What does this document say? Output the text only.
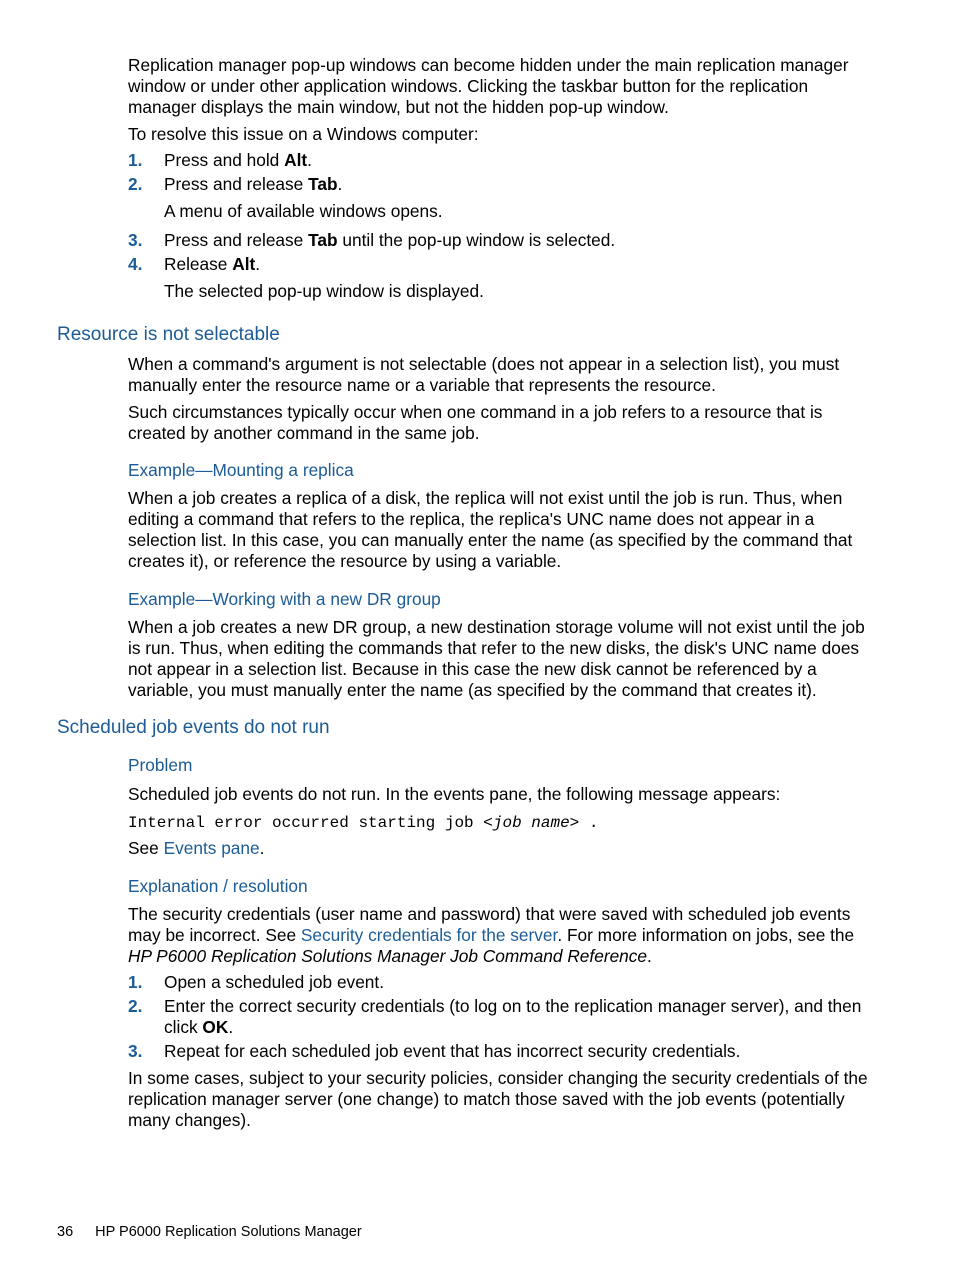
Replication manager pop-up windows can become hidden under the main replication manager window or under other application windows. Clicking the taskbar button for the replication manager displays the main window, but not the hidden pop-up window.

To resolve this issue on a Windows computer:

1. Press and hold Alt.
2. Press and release Tab.
A menu of available windows opens.
3. Press and release Tab until the pop-up window is selected.
4. Release Alt.
The selected pop-up window is displayed.
Resource is not selectable

When a command's argument is not selectable (does not appear in a selection list), you must manually enter the resource name or a variable that represents the resource.

Such circumstances typically occur when one command in a job refers to a resource that is created by another command in the same job.

Example—Mounting a replica

When a job creates a replica of a disk, the replica will not exist until the job is run. Thus, when editing a command that refers to the replica, the replica's UNC name does not appear in a selection list. In this case, you can manually enter the name (as specified by the command that creates it), or reference the resource by using a variable.

Example—Working with a new DR group

When a job creates a new DR group, a new destination storage volume will not exist until the job is run. Thus, when editing the commands that refer to the new disks, the disk's UNC name does not appear in a selection list. Because in this case the new disk cannot be referenced by a variable, you must manually enter the name (as specified by the command that creates it).

Scheduled job events do not run
Problem

Scheduled job events do not run. In the events pane, the following message appears:

Internal error occurred starting job <job name> .

See Events pane.

Explanation / resolution

The security credentials (user name and password) that were saved with scheduled job events may be incorrect. See Security credentials for the server. For more information on jobs, see the HP P6000 Replication Solutions Manager Job Command Reference.

1. Open a scheduled job event.
2. Enter the correct security credentials (to log on to the replication manager server), and then click OK.
3. Repeat for each scheduled job event that has incorrect security credentials.

In some cases, subject to your security policies, consider changing the security credentials of the replication manager server (one change) to match those saved with the job events (potentially many changes).

36 HP P6000 Replication Solutions Manager
